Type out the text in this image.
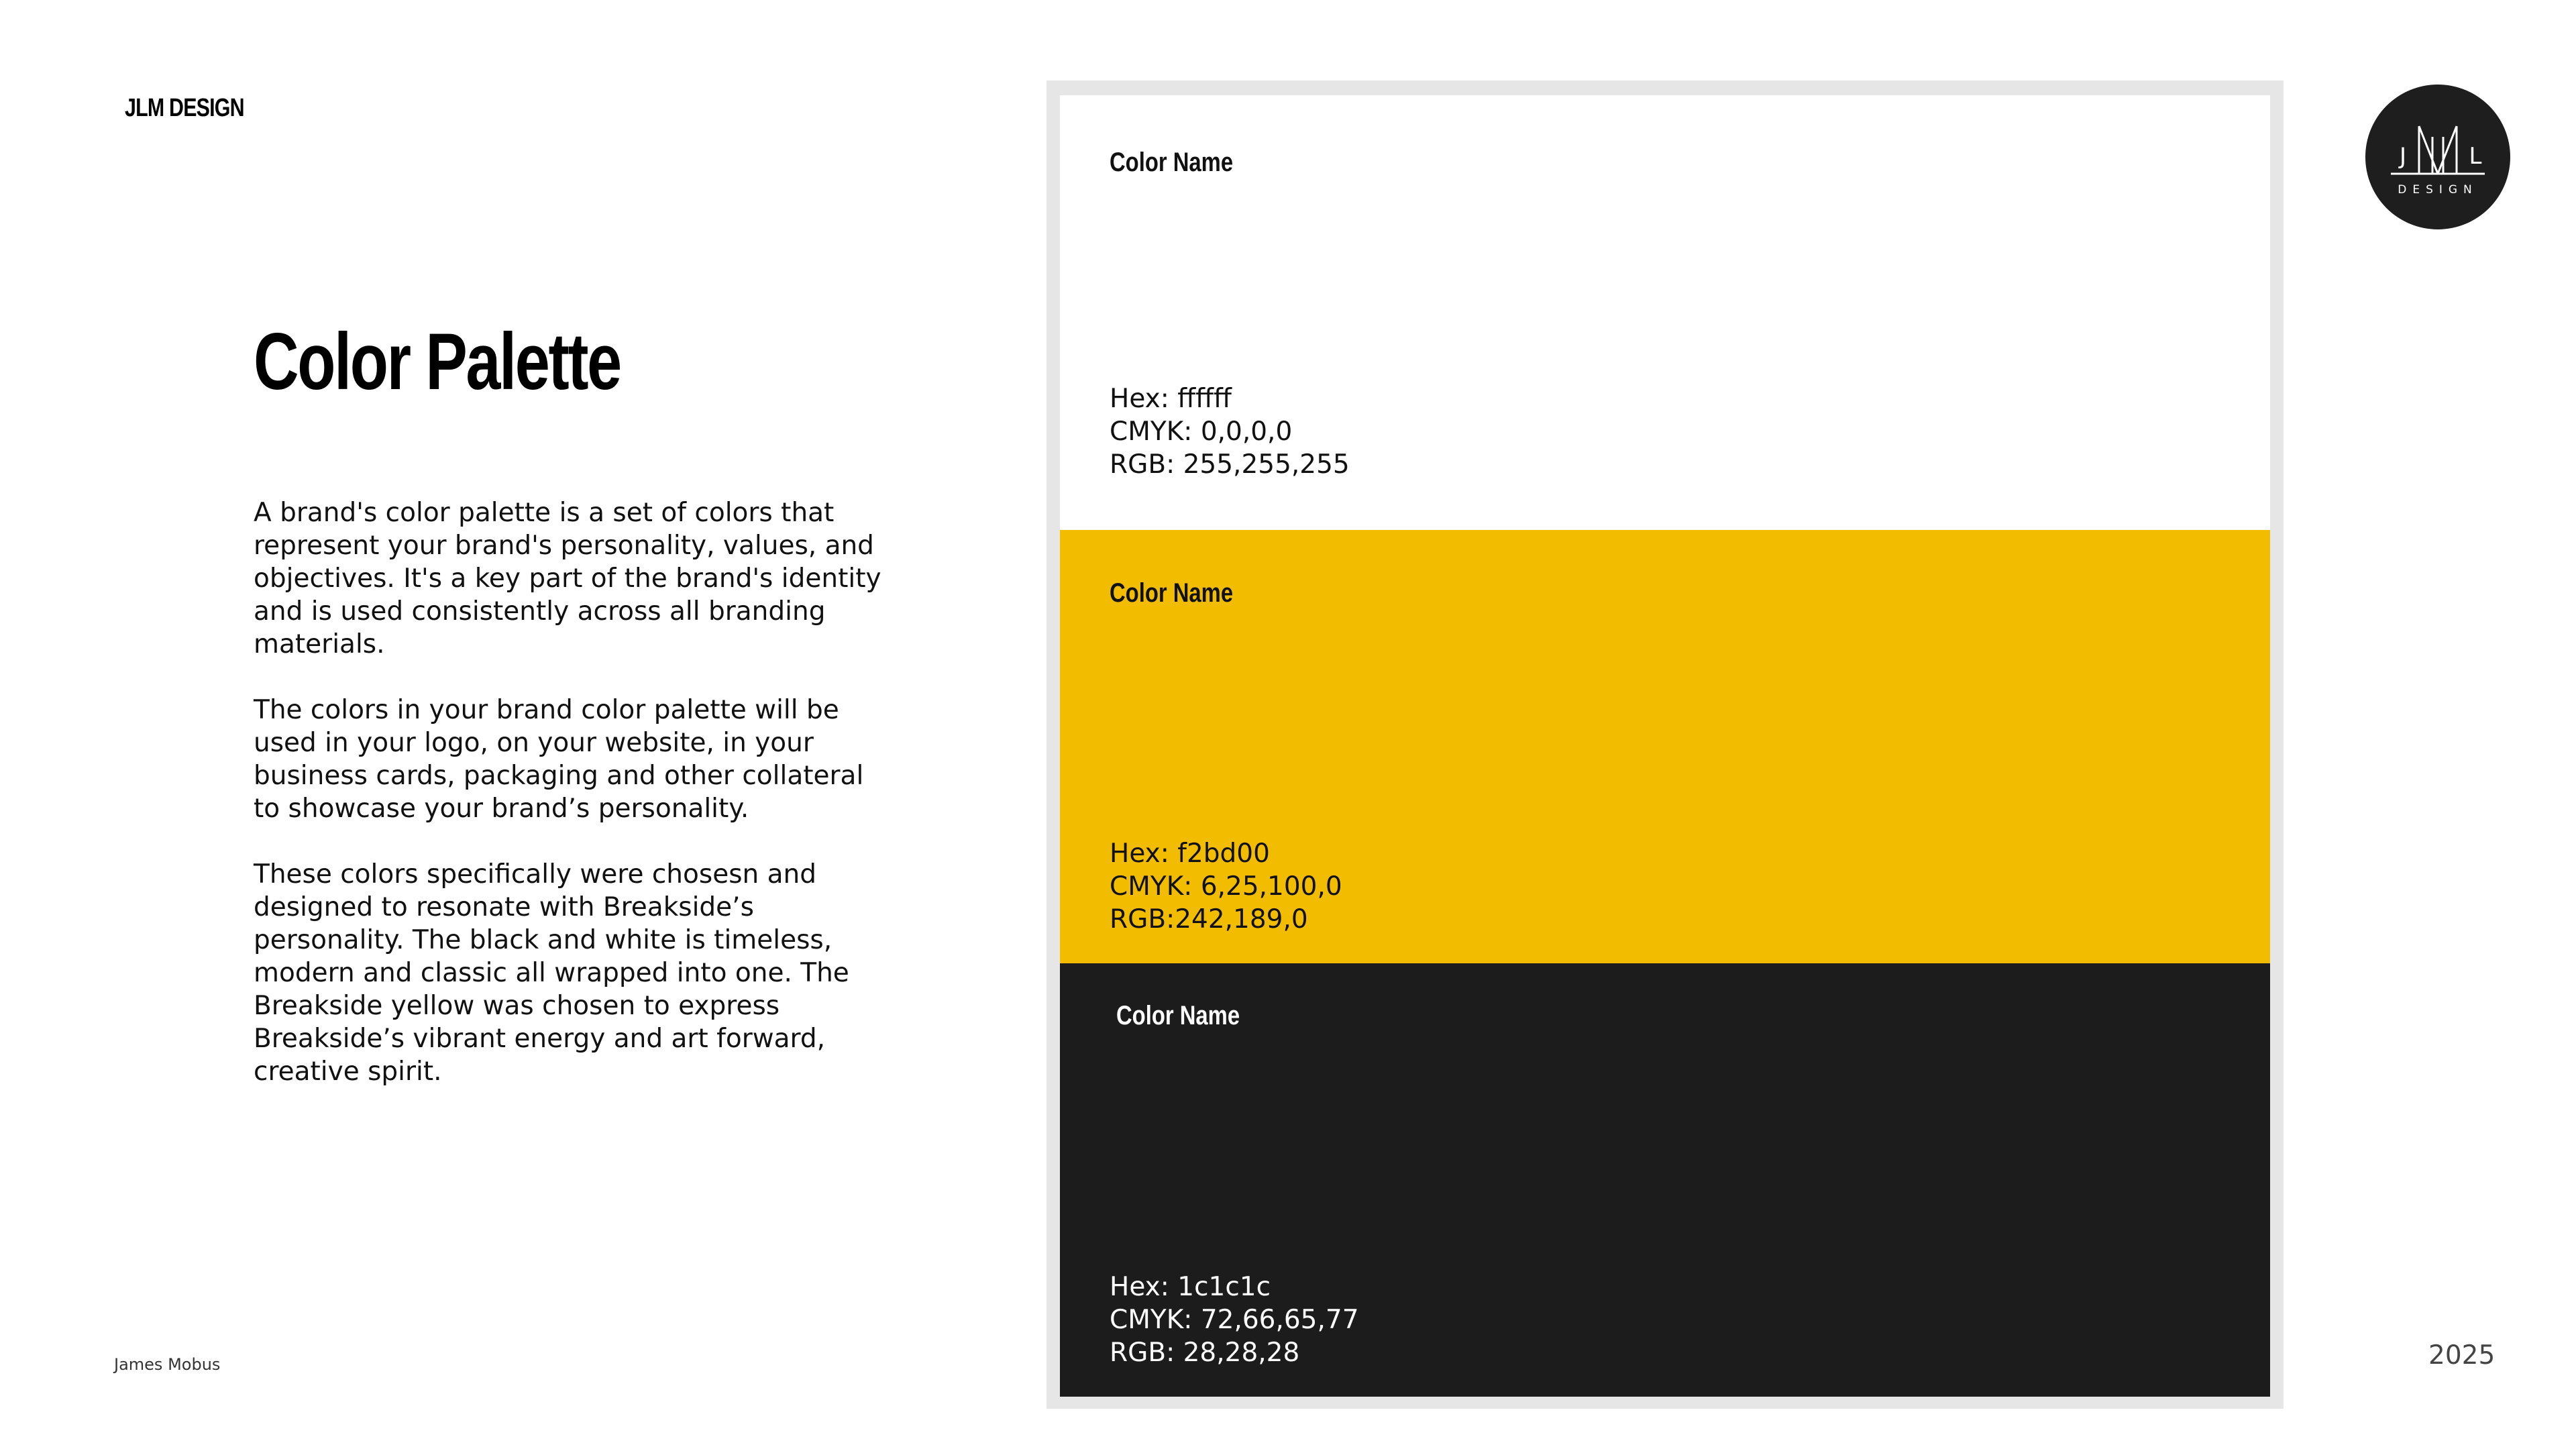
JLM DESIGN
Color Palette

A brand's color palette is a set of colors that represent your brand's personality, values, and objectives. It's a key part of the brand's identity and is used consistently across all branding materials.

The colors in your brand color palette will be used in your logo, on your website, in your business cards, packaging and other collateral to showcase your brand’s personality.

These colors specifically were chosesn and designed to resonate with Breakside’s personality. The black and white is timeless, modern and classic all wrapped into one. The Breakside yellow was chosen to express Breakside’s vibrant energy and art forward, creative spirit.

Color Name
Hex: ffffff
CMYK: 0,0,0,0
RGB: 255,255,255
Color Name
Hex: f2bd00
CMYK: 6,25,100,0
RGB:242,189,0
Color Name
Hex: 1c1c1c
CMYK: 72,66,65,77
RGB: 28,28,28
J	L
DESIGN
James Mobus	2025
